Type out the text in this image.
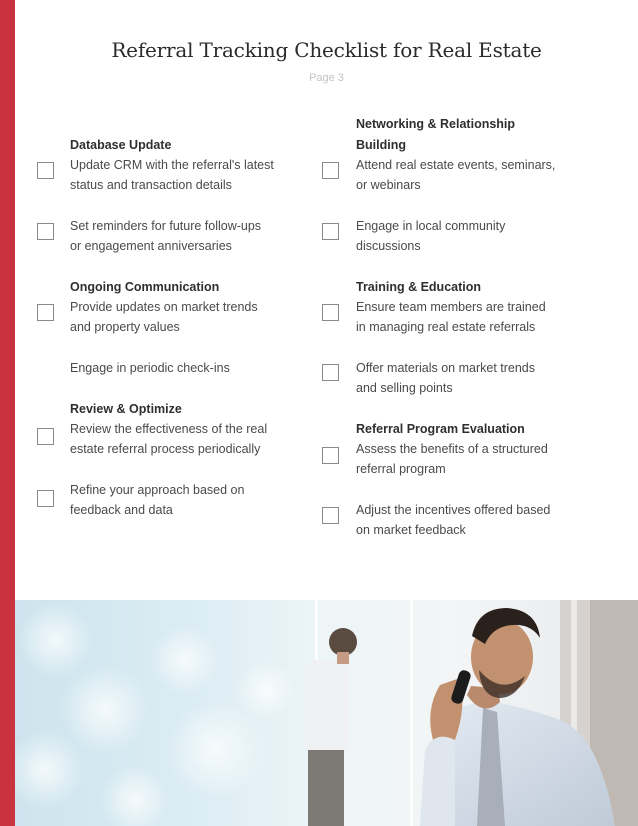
Referral Tracking Checklist for Real Estate
Page 3
Database Update
Update CRM with the referral's latest
status and transaction details
Set reminders for future follow-ups
or engagement anniversaries
Ongoing Communication
Provide updates on market trends
and property values
Engage in periodic check-ins
Review & Optimize
Review the effectiveness of the real
estate referral process periodically
Refine your approach based on
feedback and data
Networking & Relationship
Building
Attend real estate events, seminars,
or webinars
Engage in local community
discussions
Training & Education
Ensure team members are trained
in managing real estate referrals
Offer materials on market trends
and selling points
Referral Program Evaluation
Assess the benefits of a structured
referral program
Adjust the incentives offered based
on market feedback
